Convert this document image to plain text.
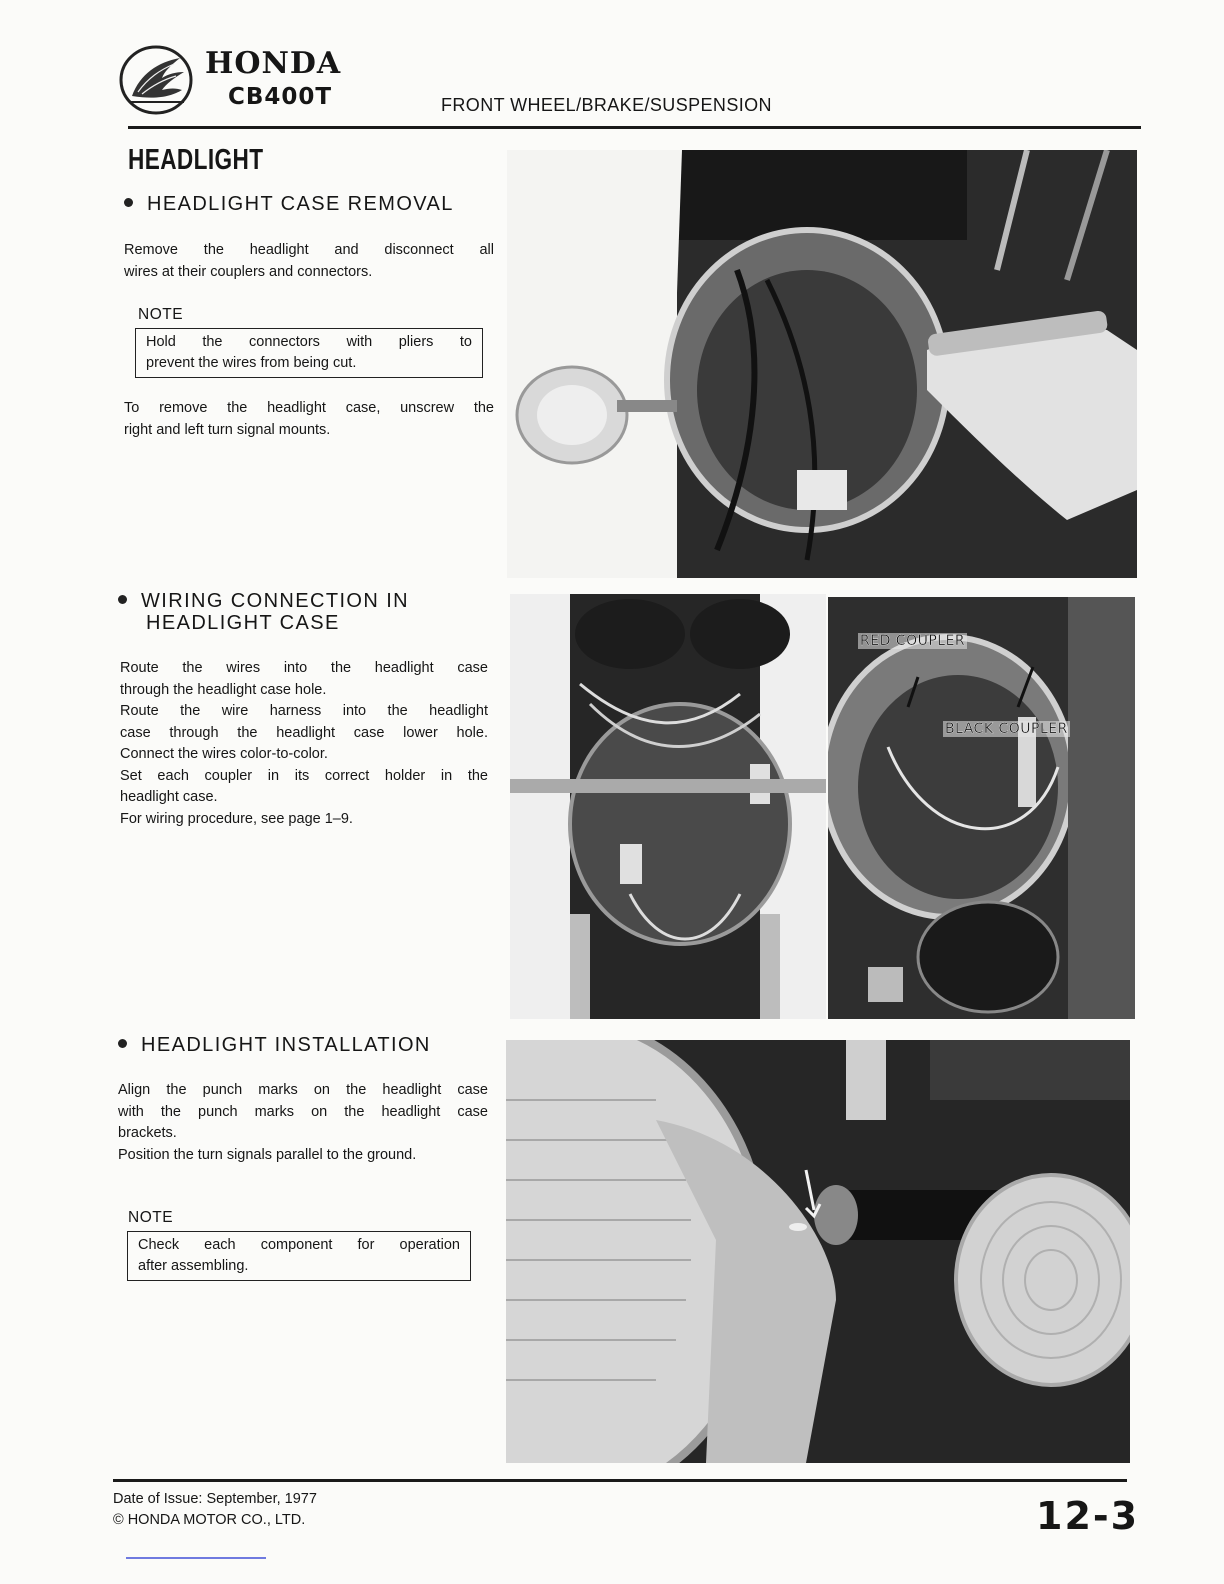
HONDA
CB400T	FRONT WHEEL/BRAKE/SUSPENSION
HEADLIGHT
HEADLIGHT CASE REMOVAL
Remove the headlight and disconnect all
wires at their couplers and connectors.
NOTE
Hold the connectors with pliers to
prevent the wires from being cut.
To remove the headlight case, unscrew the
right and left turn signal mounts.
WIRING CONNECTION IN
HEADLIGHT CASE
Route the wires into the headlight case
through the headlight case hole.
Route the wire harness into the headlight
case through the headlight case lower hole.
Connect the wires color-to-color.
Set each coupler in its correct holder in the
headlight case.
For wiring procedure, see page 1–9.
RED COUPLER
BLACK COUPLER
HEADLIGHT INSTALLATION
Align the punch marks on the headlight case
with the punch marks on the headlight case
brackets.
Position the turn signals parallel to the ground.
NOTE
Check each component for operation
after assembling.
Date of Issue: September, 1977
© HONDA MOTOR CO., LTD.	12-3
